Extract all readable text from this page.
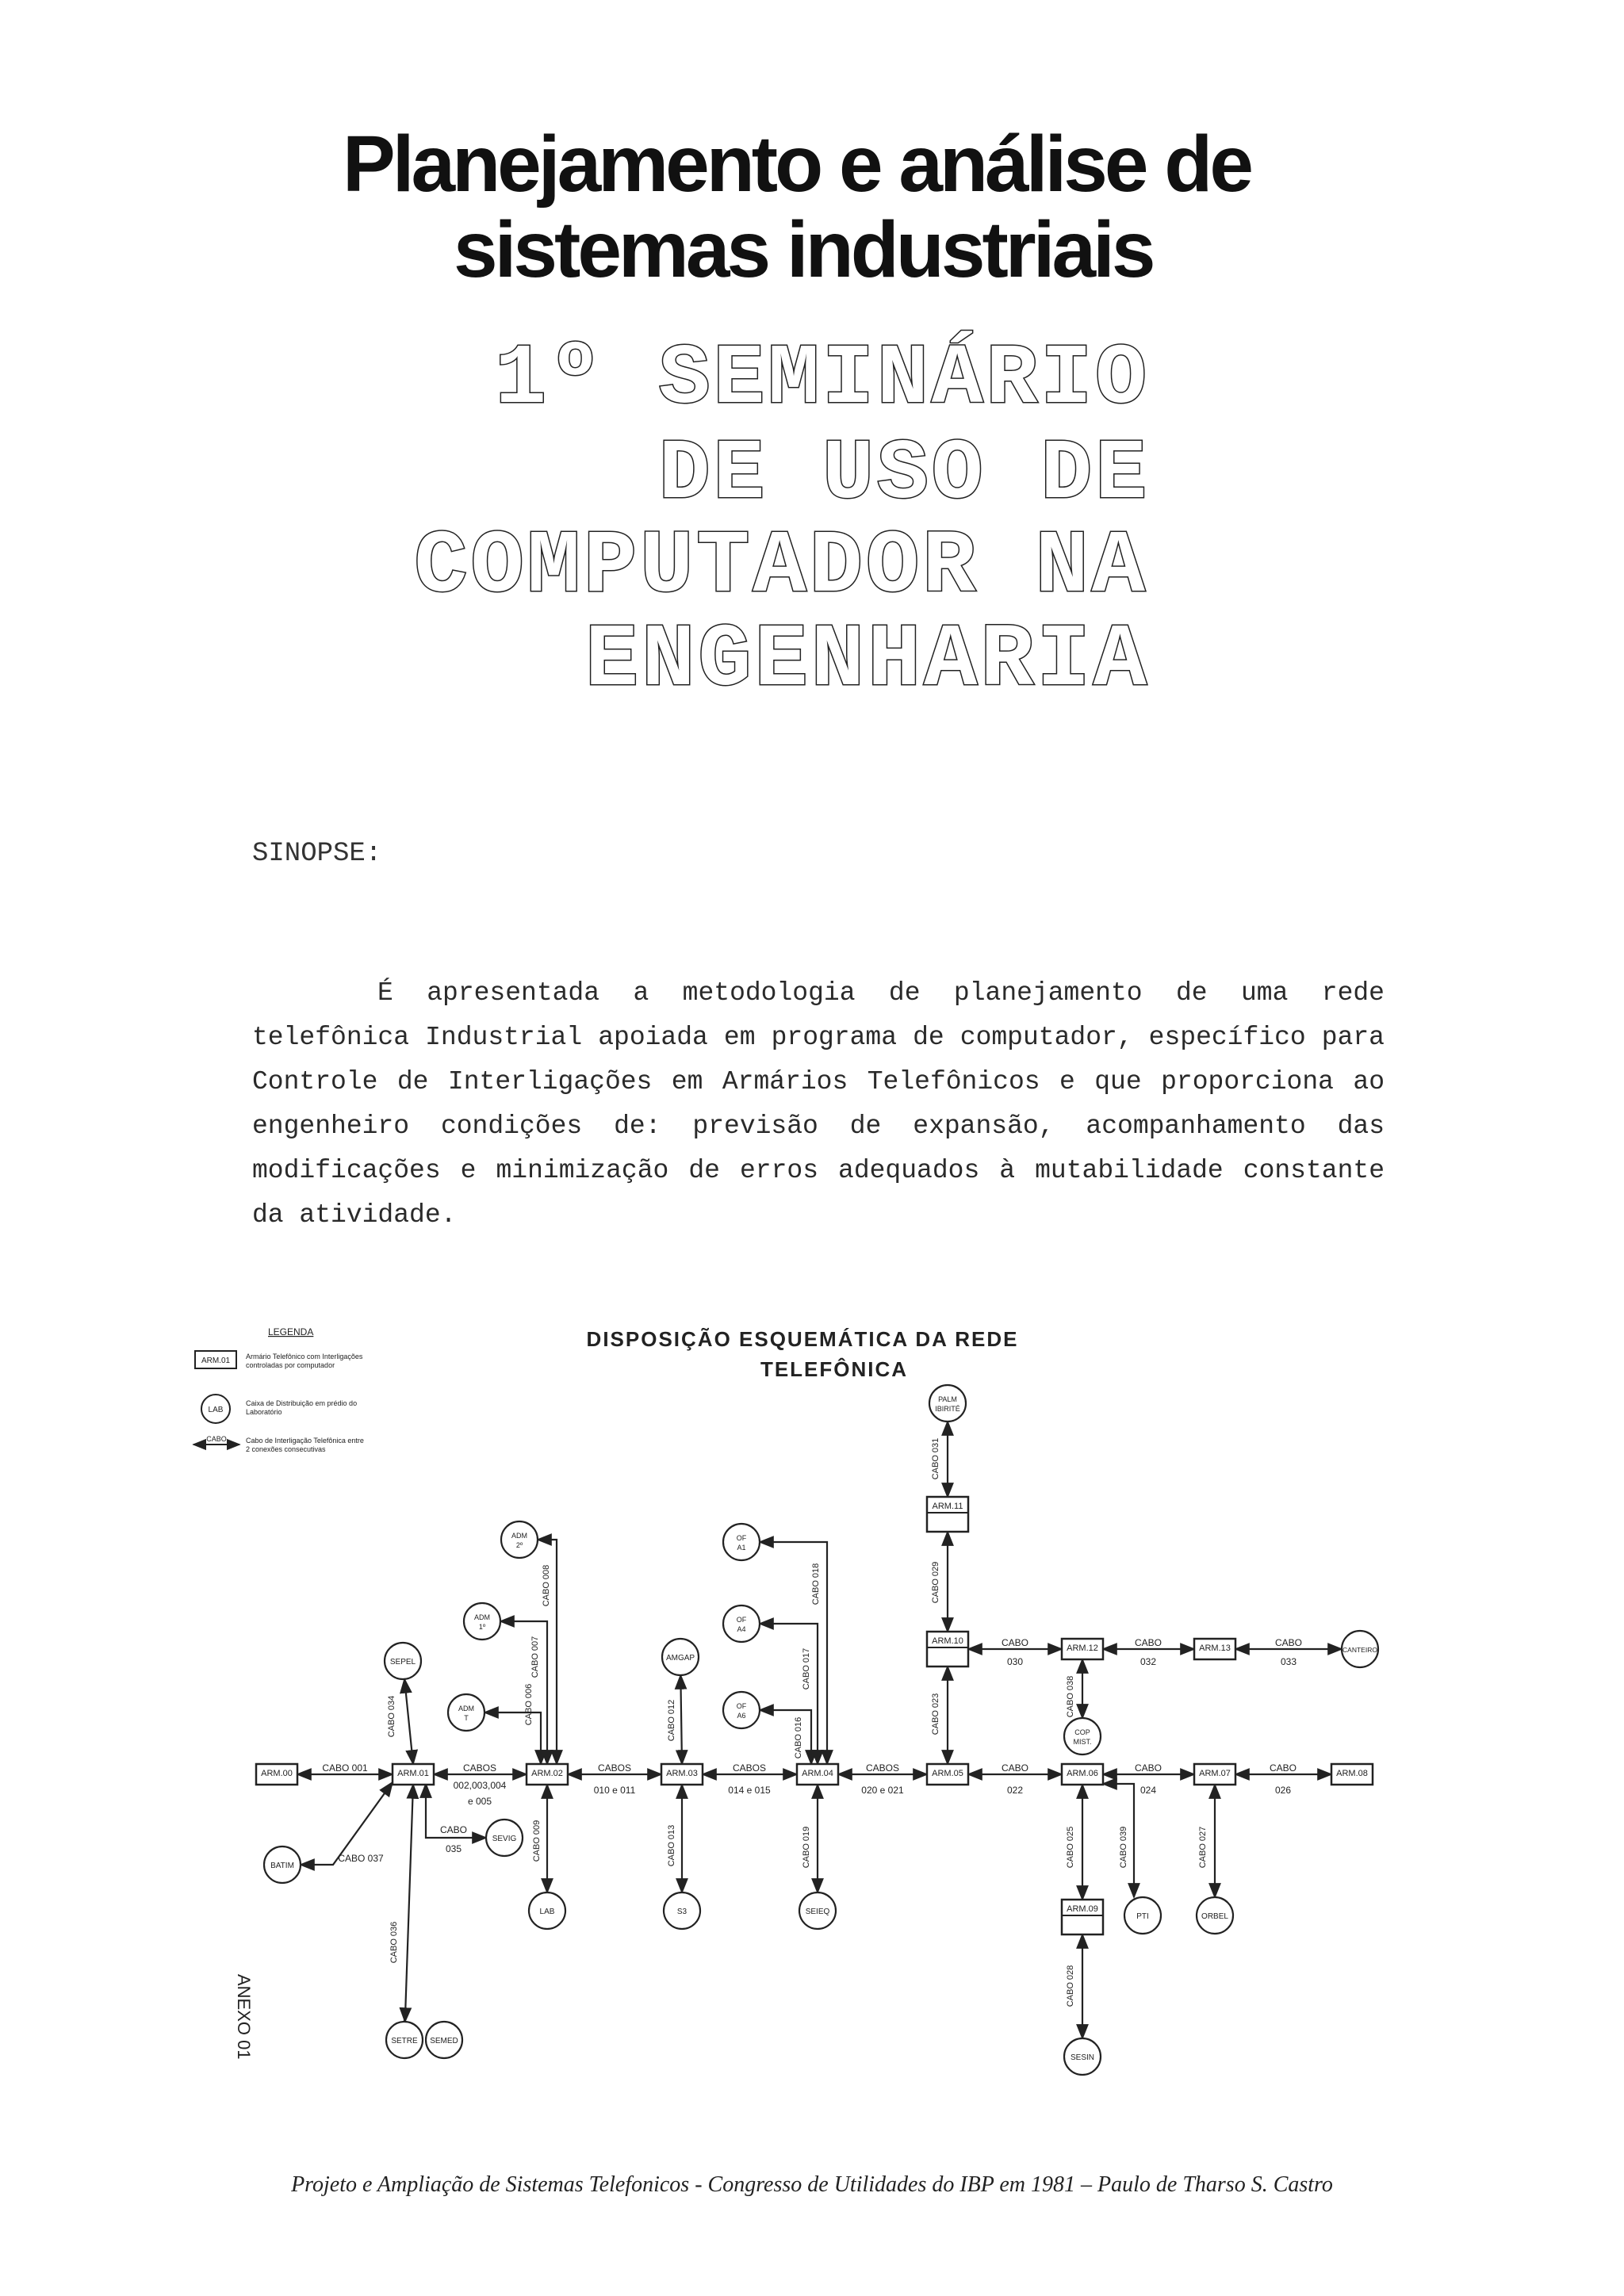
Planejamento e análise de
sistemas industriais
1º SEMINÁRIO
DE USO DE
COMPUTADOR NA
ENGENHARIA
SINOPSE:
É apresentada a metodologia de planejamento de uma rede telefônica Industrial apoiada em programa de computador, específico para Controle de Interligações em Armários Telefônicos e que proporciona ao engenheiro condições de: previsão de expansão, acompanhamento das modificações e minimização de erros adequados à mutabilidade constante da atividade.
ARM.00	ARM.01	ARM.02	ARM.03	ARM.04	ARM.05	ARM.06	ARM.07	ARM.08
ARM.09
ARM.10
ARM.11
ARM.12	ARM.13
SEPEL
ADM
1º
ADM
2º
ADM
T
AMGAP
OF
A1
OF
A4
OF
A6
LAB	S3	SEIEQ
BATIM
SEVIG
SETRE SEMED
PALM
IBIRITÉ
COP
MIST.
CANTEIRO
PTI	ORBEL
SESIN
CABO 001	CABOS
002,003,004
e 005
CABOS
010 e 011
CABOS
014 e 015
CABOS
020 e 021
CABO
022
CABO
024
CABO
026
CABO 034
CABO
035
CABO 036
CABO 037
CABO 006
CABO 007
CABO 008
CABO 009
CABO 012
CABO 013
CABO 016
CABO 017
CABO 018
CABO 019
CABO 023
CABO 029
CABO 031
CABO
030
CABO
032
CABO
033
CABO 038
CABO 025
CABO 028
CABO 039	CABO 027
DISPOSIÇÃO ESQUEMÁTICA DA REDE
TELEFÔNICA
LEGENDA
ARM.01 Armário Telefônico com Interligações
controladas por computador
LAB
Caixa de Distribuição em prédio do
Laboratório
CABO	Cabo de Interligação Telefônica entre
2 conexões consecutivas
ANEXO 01
Projeto e Ampliação de Sistemas Telefonicos - Congresso de Utilidades do IBP em 1981 – Paulo de Tharso S. Castro
